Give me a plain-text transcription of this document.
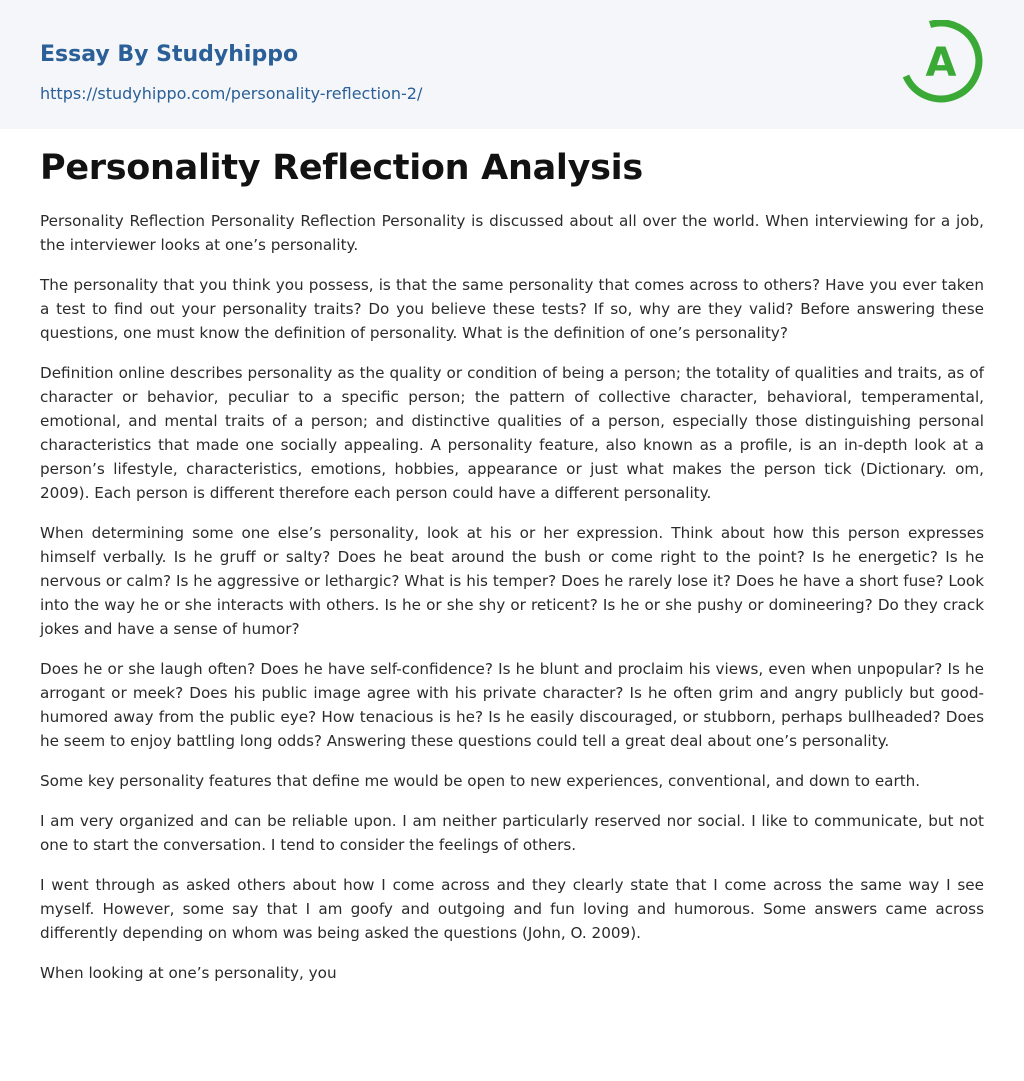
Essay By Studyhippo
https://studyhippo.com/personality-reflection-2/
A
Personality Reflection Analysis

Personality Reflection Personality Reflection Personality is discussed about all over the world. When interviewing for a job, the interviewer looks at one’s personality.

The personality that you think you possess, is that the same personality that comes across to others? Have you ever taken a test to find out your personality traits? Do you believe these tests? If so, why are they valid? Before answering these questions, one must know the definition of personality. What is the definition of one’s personality?

Definition online describes personality as the quality or condition of being a person; the totality of qualities and traits, as of character or behavior, peculiar to a specific person; the pattern of collective character, behavioral, temperamental, emotional, and mental traits of a person; and distinctive qualities of a person, especially those distinguishing personal characteristics that made one socially appealing. A personality feature, also known as a profile, is an in-depth look at a person’s lifestyle, characteristics, emotions, hobbies, appearance or just what makes the person tick (Dictionary. om, 2009). Each person is different therefore each person could have a different personality.

When determining some one else’s personality, look at his or her expression. Think about how this person expresses himself verbally. Is he gruff or salty? Does he beat around the bush or come right to the point? Is he energetic? Is he nervous or calm? Is he aggressive or lethargic? What is his temper? Does he rarely lose it? Does he have a short fuse? Look into the way he or she interacts with others. Is he or she shy or reticent? Is he or she pushy or domineering? Do they crack jokes and have a sense of humor?

Does he or she laugh often? Does he have self-confidence? Is he blunt and proclaim his views, even when unpopular? Is he arrogant or meek? Does his public image agree with his private character? Is he often grim and angry publicly but good-humored away from the public eye? How tenacious is he? Is he easily discouraged, or stubborn, perhaps bullheaded? Does he seem to enjoy battling long odds? Answering these questions could tell a great deal about one’s personality.

Some key personality features that define me would be open to new experiences, conventional, and down to earth.

I am very organized and can be reliable upon. I am neither particularly reserved nor social. I like to communicate, but not one to start the conversation. I tend to consider the feelings of others.

I went through as asked others about how I come across and they clearly state that I come across the same way I see myself. However, some say that I am goofy and outgoing and fun loving and humorous. Some answers came across differently depending on whom was being asked the questions (John, O. 2009).

When looking at one’s personality, you
